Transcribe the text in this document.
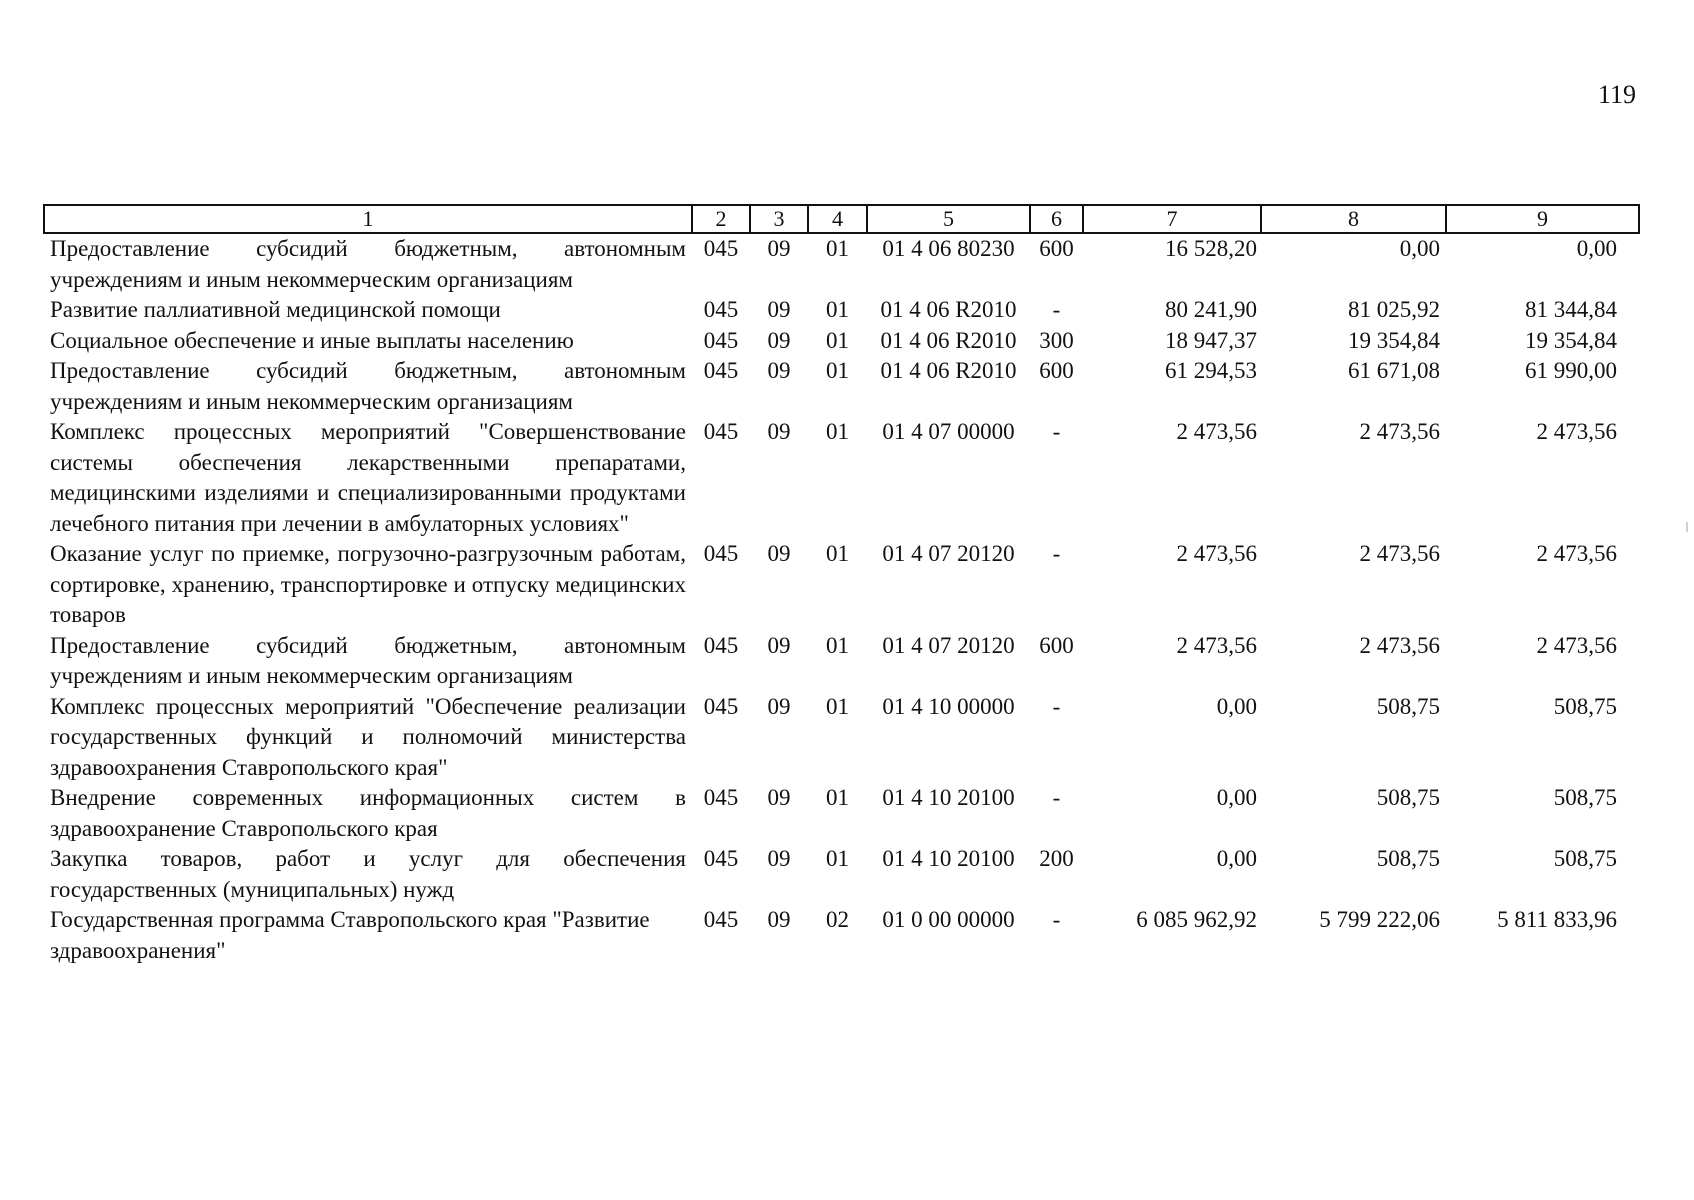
119
1	2	3	4	5	6	7	8	9
Предоставление субсидий бюджетным, автономным учреждениям и иным некоммерческим организациям	045	09	01	01 4 06 80230	600	16 528,20	0,00	0,00
Развитие паллиативной медицинской помощи	045	09	01	01 4 06 R2010	-	80 241,90	81 025,92	81 344,84
Социальное обеспечение и иные выплаты населению	045	09	01	01 4 06 R2010	300	18 947,37	19 354,84	19 354,84
Предоставление субсидий бюджетным, автономным учреждениям и иным некоммерческим организациям	045	09	01	01 4 06 R2010	600	61 294,53	61 671,08	61 990,00
Комплекс процессных мероприятий "Совершенствование системы обеспечения лекарственными препаратами, медицинскими изделиями и специализированными продуктами лечебного питания при лечении в амбулаторных условиях"	045	09	01	01 4 07 00000	-	2 473,56	2 473,56	2 473,56
Оказание услуг по приемке, погрузочно-разгрузочным работам, сортировке, хранению, транспортировке и отпуску медицинских товаров	045	09	01	01 4 07 20120	-	2 473,56	2 473,56	2 473,56
Предоставление субсидий бюджетным, автономным учреждениям и иным некоммерческим организациям	045	09	01	01 4 07 20120	600	2 473,56	2 473,56	2 473,56
Комплекс процессных мероприятий "Обеспечение реализации государственных функций и полномочий министерства здравоохранения Ставропольского края"	045	09	01	01 4 10 00000	-	0,00	508,75	508,75
Внедрение современных информационных систем в здравоохранение Ставропольского края	045	09	01	01 4 10 20100	-	0,00	508,75	508,75
Закупка товаров, работ и услуг для обеспечения государственных (муниципальных) нужд	045	09	01	01 4 10 20100	200	0,00	508,75	508,75
Государственная программа Ставропольского края "Развитие здравоохранения"	045	09	02	01 0 00 00000	-	6 085 962,92	5 799 222,06	5 811 833,96
